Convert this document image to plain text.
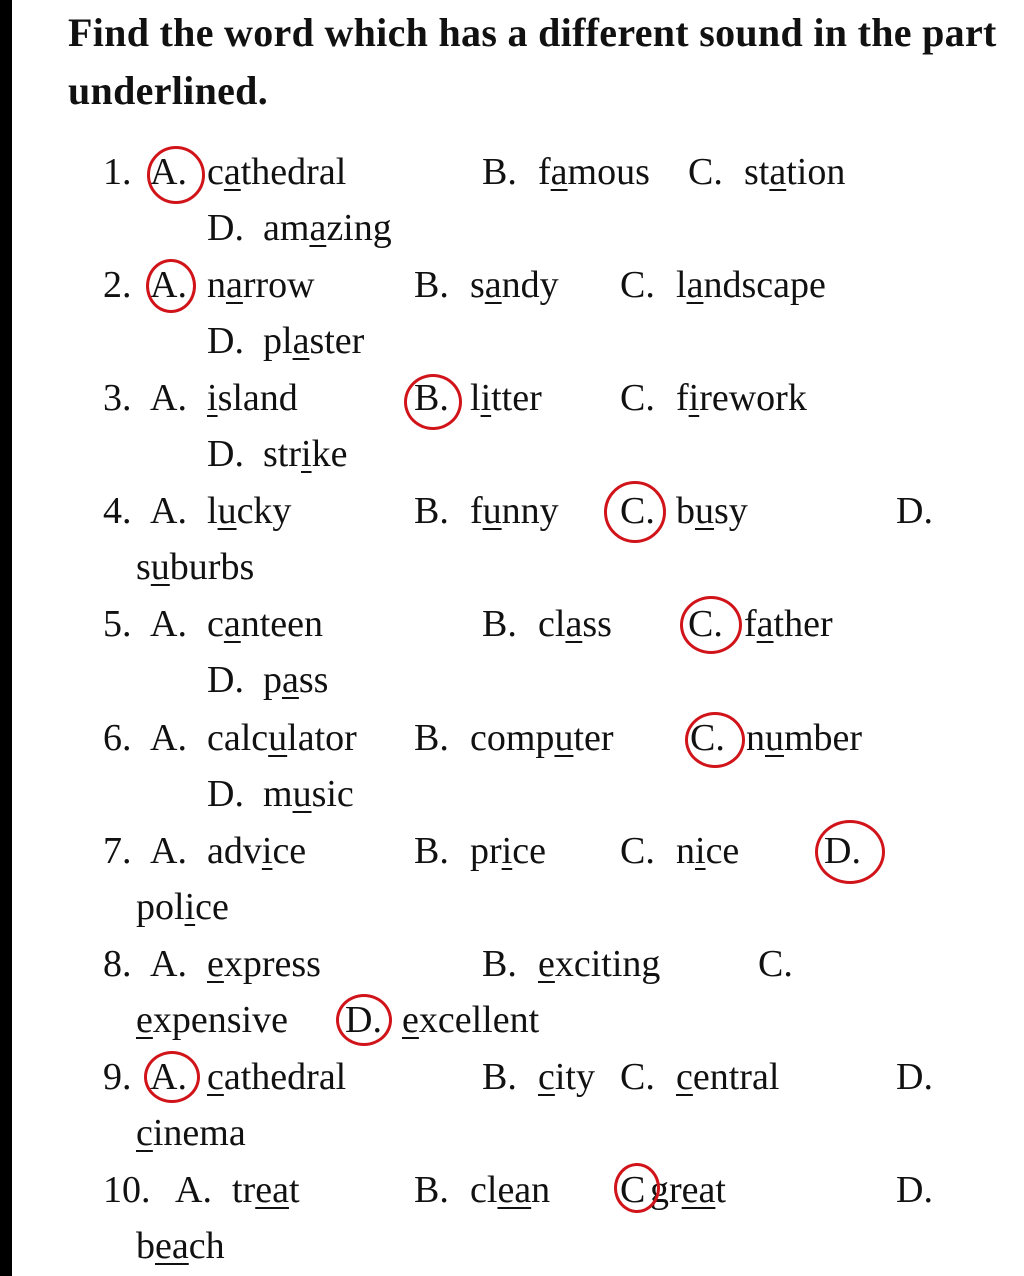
Find the word which has a different sound in the part underlined.

1. A. cathedral	B. famous C. station
D. amazing
2. A. narrow	B. sandy C. landscape
D. plaster
3. A. island	B. litter C. firework
D. strike
4. A. lucky	B. funny C. busy	D.
suburbs
5. A. canteen	B. class C. father
D. pass
6. A. calculator B. computer C. number
D. music
7. A. advice	B. price C. nice D.
police
8. A. express	B. exciting	C.
expensive D. excellent
9. A. cathedral	B. city C. central	D.
cinema
10. A. treat	B. clean C great	D.
beach
